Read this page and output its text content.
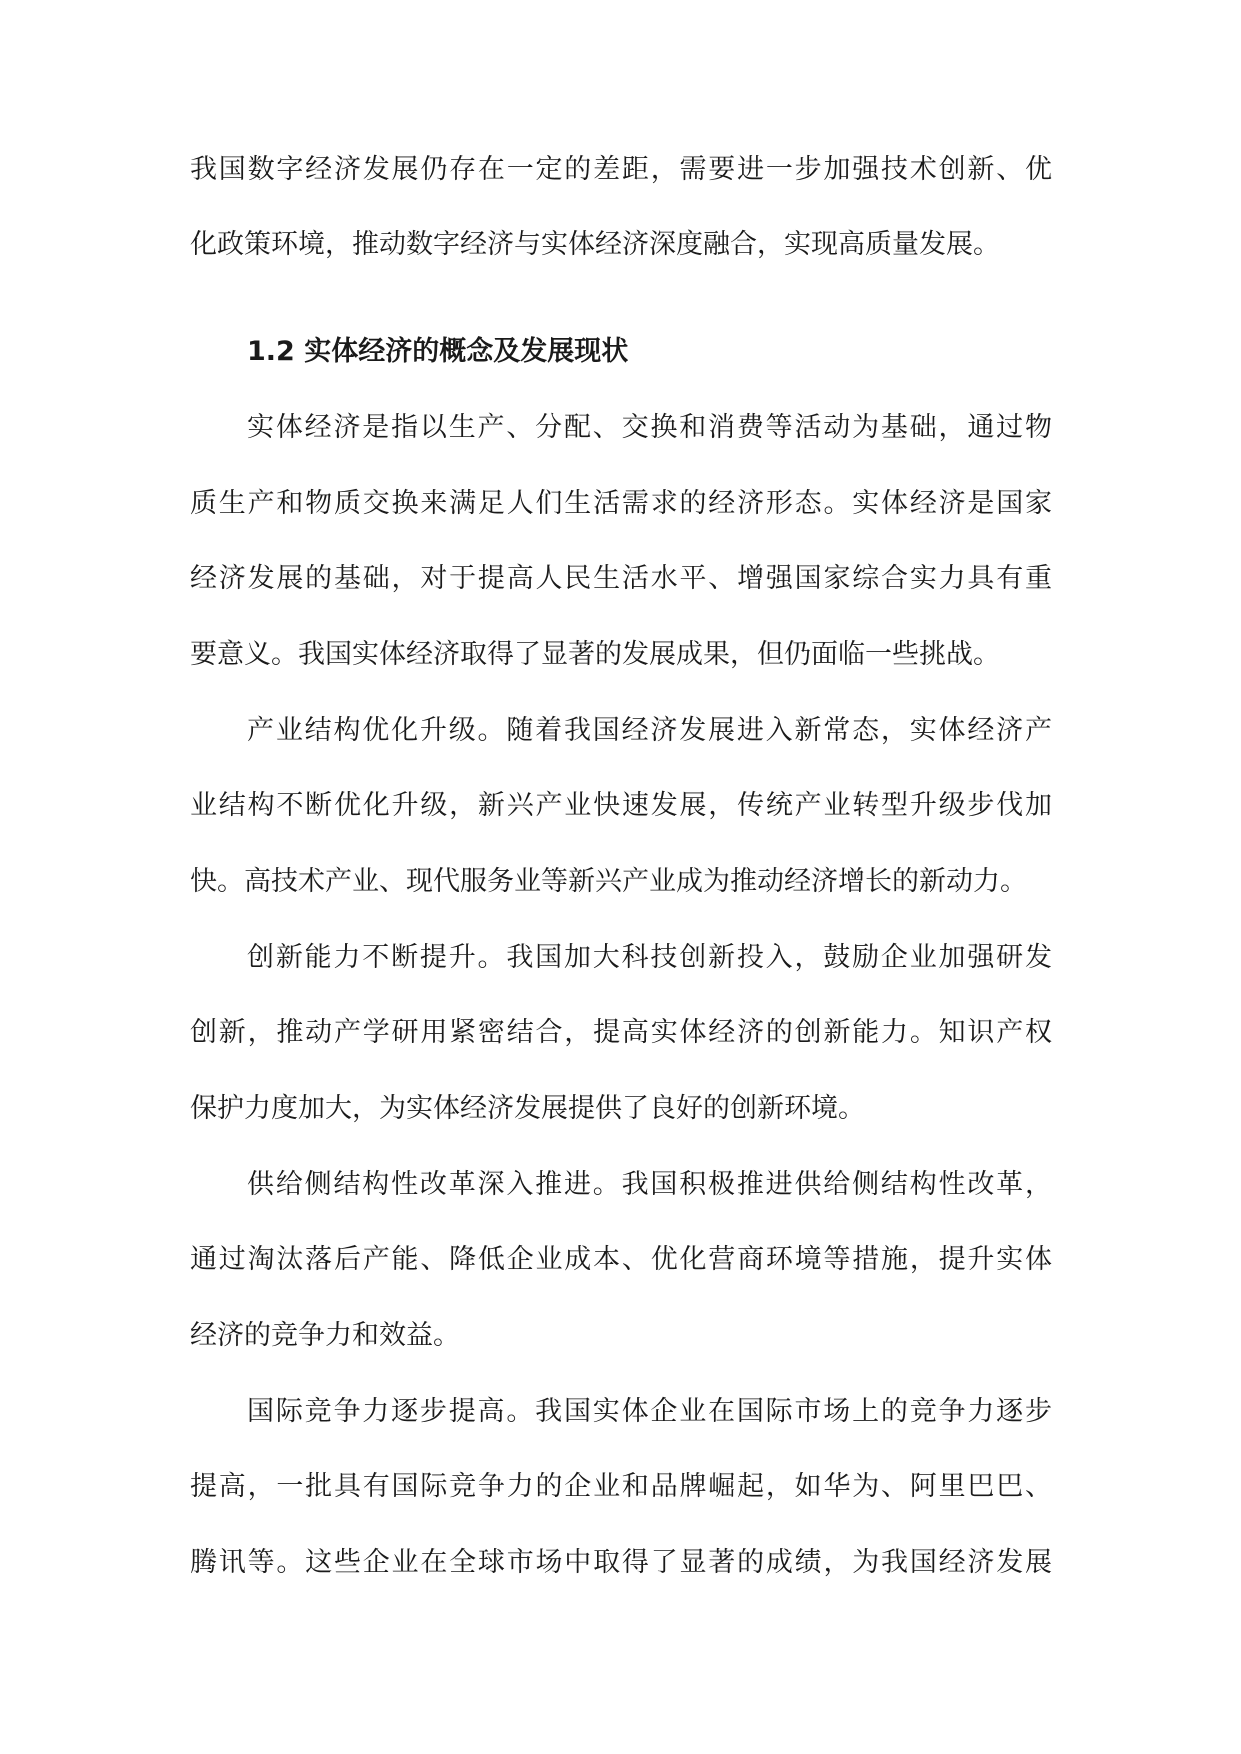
我国数字经济发展仍存在一定的差距，需要进一步加强技术创新、优
化政策环境，推动数字经济与实体经济深度融合，实现高质量发展。
1.2 实体经济的概念及发展现状
实体经济是指以生产、分配、交换和消费等活动为基础，通过物
质生产和物质交换来满足人们生活需求的经济形态。实体经济是国家
经济发展的基础，对于提高人民生活水平、增强国家综合实力具有重
要意义。我国实体经济取得了显著的发展成果，但仍面临一些挑战。
产业结构优化升级。随着我国经济发展进入新常态，实体经济产
业结构不断优化升级，新兴产业快速发展，传统产业转型升级步伐加
快。高技术产业、现代服务业等新兴产业成为推动经济增长的新动力。
创新能力不断提升。我国加大科技创新投入，鼓励企业加强研发
创新，推动产学研用紧密结合，提高实体经济的创新能力。知识产权
保护力度加大，为实体经济发展提供了良好的创新环境。
供给侧结构性改革深入推进。我国积极推进供给侧结构性改革，
通过淘汰落后产能、降低企业成本、优化营商环境等措施，提升实体
经济的竞争力和效益。
国际竞争力逐步提高。我国实体企业在国际市场上的竞争力逐步
提高，一批具有国际竞争力的企业和品牌崛起，如华为、阿里巴巴、
腾讯等。这些企业在全球市场中取得了显著的成绩，为我国经济发展
